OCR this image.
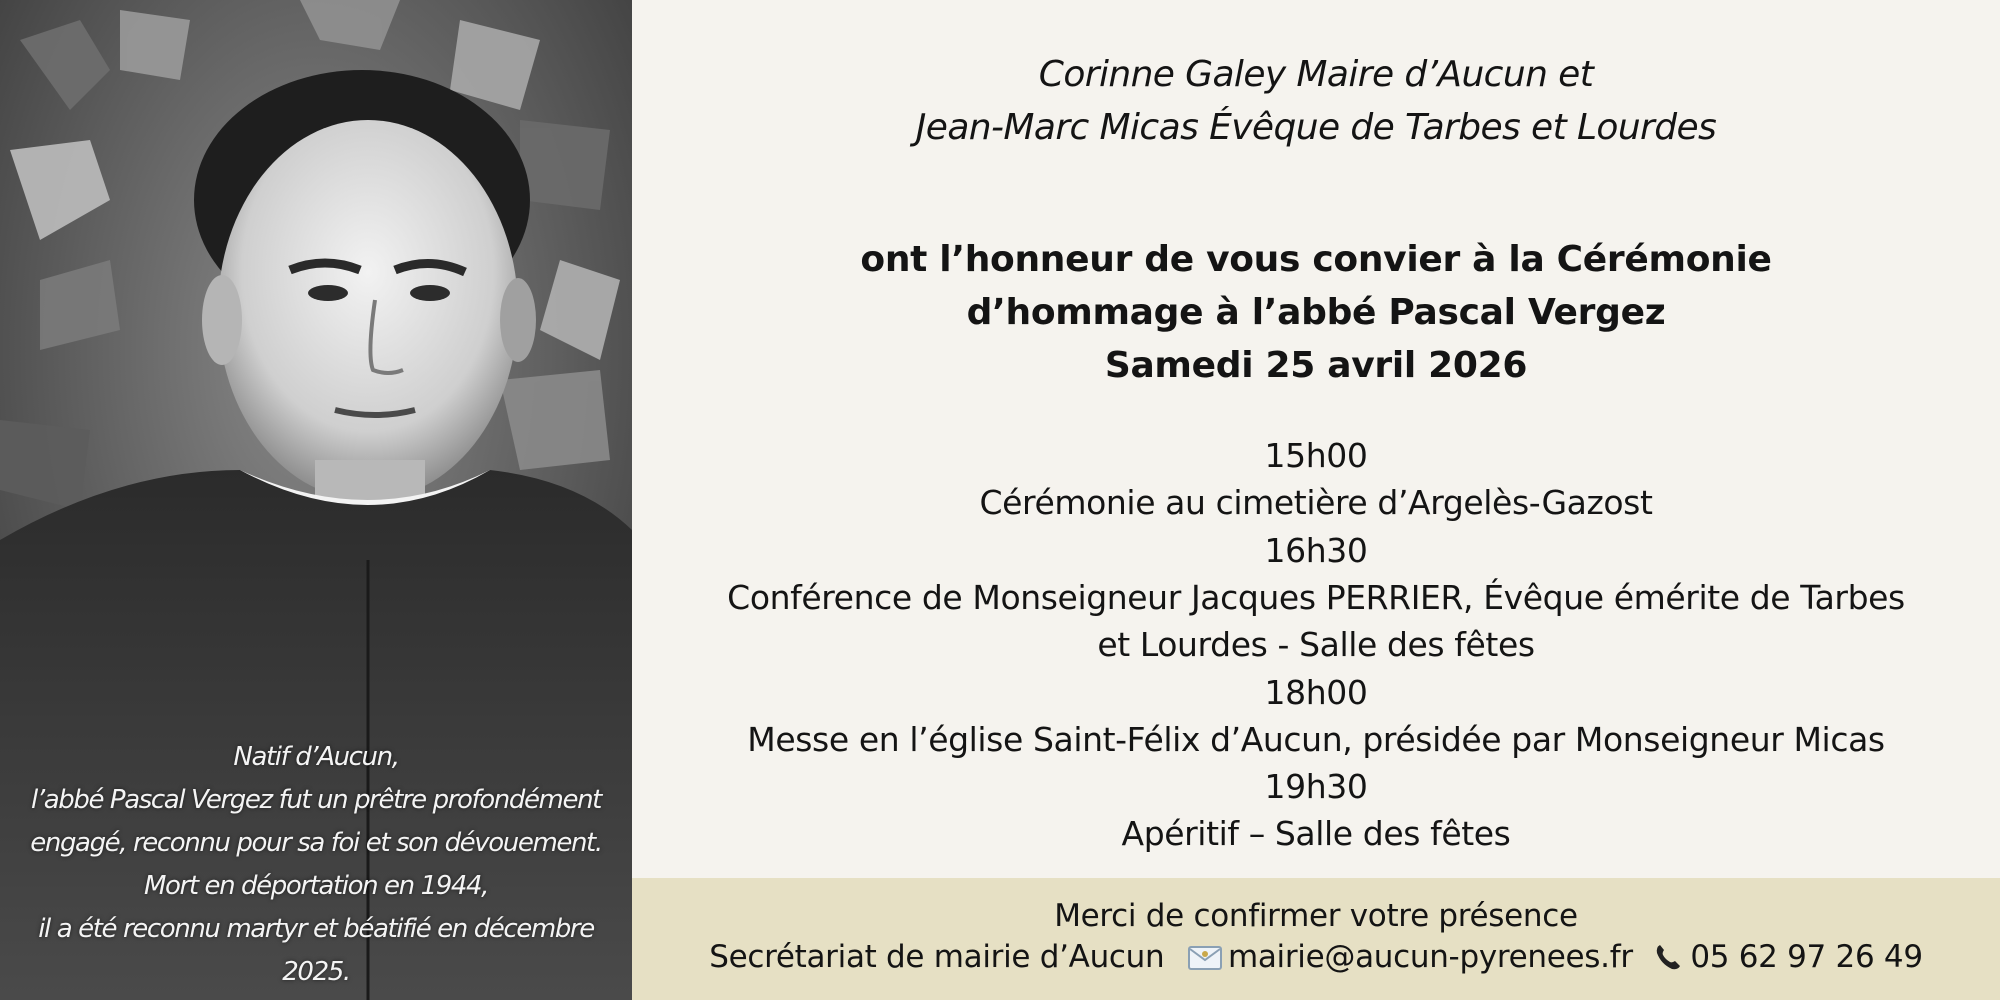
Natif d’Aucun,
l’abbé Pascal Vergez fut un prêtre profondément
engagé, reconnu pour sa foi et son dévouement.
Mort en déportation en 1944,
il a été reconnu martyr et béatifié en décembre
2025.
Corinne Galey Maire d’Aucun et
Jean-Marc Micas Évêque de Tarbes et Lourdes
ont l’honneur de vous convier à la Cérémonie
d’hommage à l’abbé Pascal Vergez
Samedi 25 avril 2026
15h00
Cérémonie au cimetière d’Argelès-Gazost
16h30
Conférence de Monseigneur Jacques PERRIER, Évêque émérite de Tarbes
et Lourdes - Salle des fêtes
18h00
Messe en l’église Saint-Félix d’Aucun, présidée par Monseigneur Micas
19h30
Apéritif – Salle des fêtes
Merci de confirmer votre présence
Secrétariat de mairie d’Aucun mairie@aucun-pyrenees.fr 05 62 97 26 49
